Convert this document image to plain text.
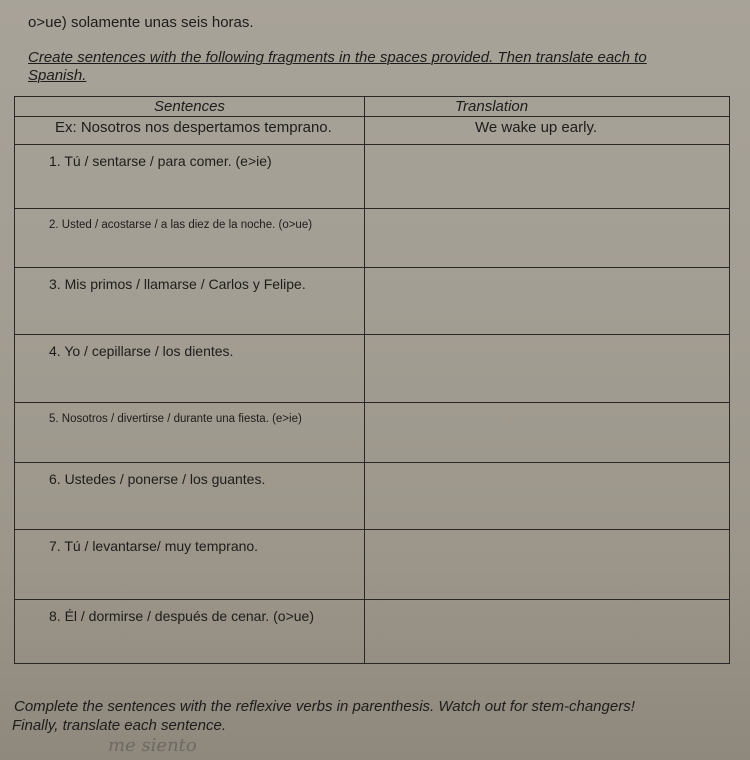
o>ue) solamente unas seis horas.

Create sentences with the following fragments in the spaces provided. Then translate each to Spanish.

Sentences	Translation
Ex: Nosotros nos despertamos temprano.	We wake up early.
1. Tú / sentarse / para comer. (e>ie)	
2. Usted / acostarse / a las diez de la noche. (o>ue)	
3. Mis primos / llamarse / Carlos y Felipe.	
4. Yo / cepillarse / los dientes.	
5. Nosotros / divertirse / durante una fiesta. (e>ie)	
6. Ustedes / ponerse / los guantes.	
7. Tú / levantarse/ muy temprano.	
8. Él / dormirse / después de cenar. (o>ue)	
Complete the sentences with the reflexive verbs in parenthesis. Watch out for stem-changers!
Finally, translate each sentence.

me siento
